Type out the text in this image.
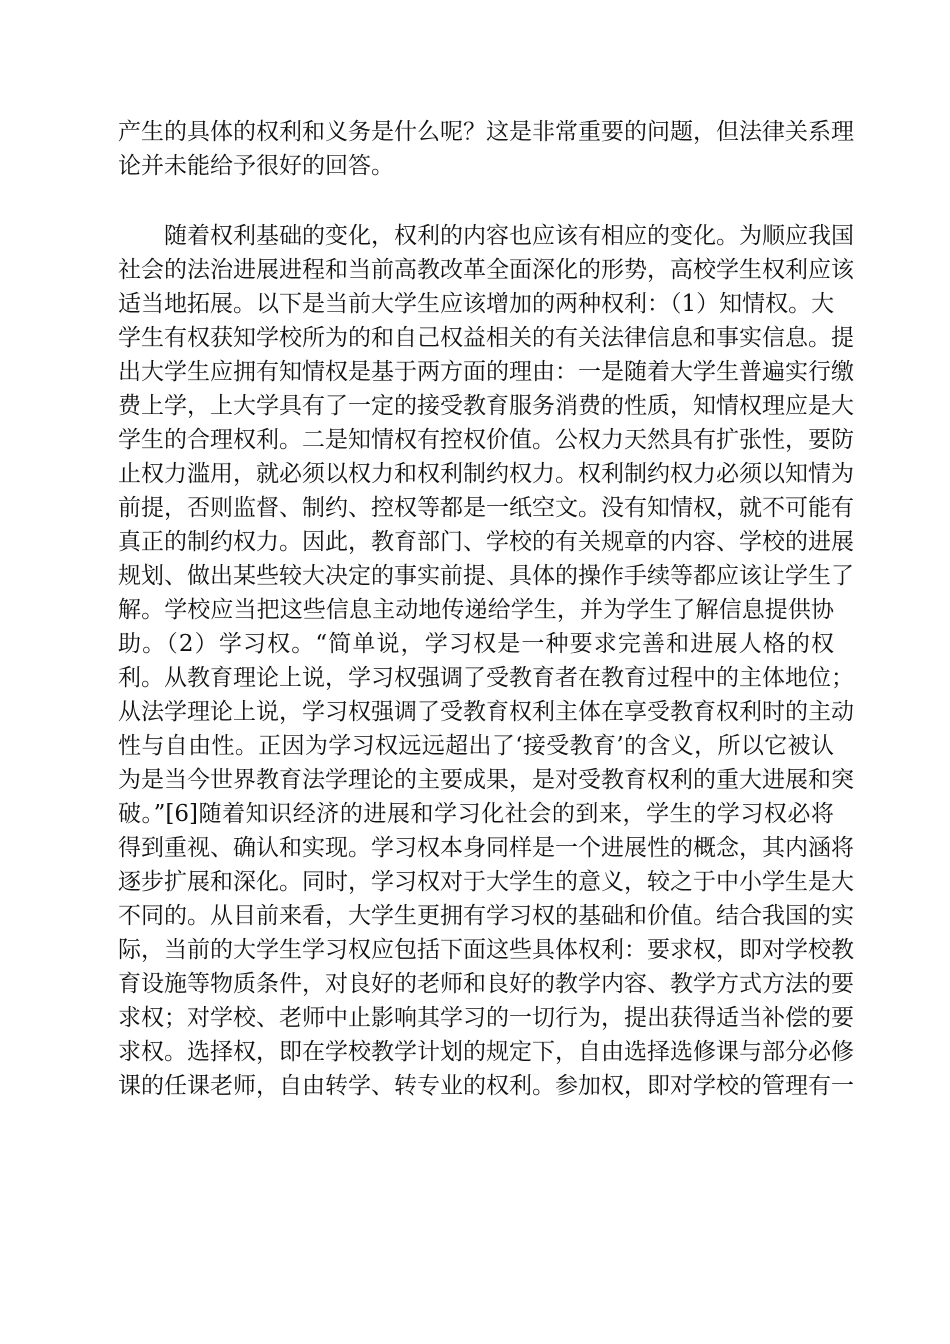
产生的具体的权利和义务是什么呢？这是非常重要的问题，但法律关系理
论并未能给予很好的回答。
　　随着权利基础的变化，权利的内容也应该有相应的变化。为顺应我国
社会的法治进展进程和当前高教改革全面深化的形势，高校学生权利应该
适当地拓展。以下是当前大学生应该增加的两种权利：（1）知情权。大
学生有权获知学校所为的和自己权益相关的有关法律信息和事实信息。提
出大学生应拥有知情权是基于两方面的理由：一是随着大学生普遍实行缴
费上学，上大学具有了一定的接受教育服务消费的性质，知情权理应是大
学生的合理权利。二是知情权有控权价值。公权力天然具有扩张性，要防
止权力滥用，就必须以权力和权利制约权力。权利制约权力必须以知情为
前提，否则监督、制约、控权等都是一纸空文。没有知情权，就不可能有
真正的制约权力。因此，教育部门、学校的有关规章的内容、学校的进展
规划、做出某些较大决定的事实前提、具体的操作手续等都应该让学生了
解。学校应当把这些信息主动地传递给学生，并为学生了解信息提供协
助。（2）学习权。“简单说，学习权是一种要求完善和进展人格的权
利。从教育理论上说，学习权强调了受教育者在教育过程中的主体地位；
从法学理论上说，学习权强调了受教育权利主体在享受教育权利时的主动
性与自由性。正因为学习权远远超出了‘接受教育’的含义，所以它被认
为是当今世界教育法学理论的主要成果，是对受教育权利的重大进展和突
破。”[6]随着知识经济的进展和学习化社会的到来，学生的学习权必将
得到重视、确认和实现。学习权本身同样是一个进展性的概念，其内涵将
逐步扩展和深化。同时，学习权对于大学生的意义，较之于中小学生是大
不同的。从目前来看，大学生更拥有学习权的基础和价值。结合我国的实
际，当前的大学生学习权应包括下面这些具体权利：要求权，即对学校教
育设施等物质条件，对良好的老师和良好的教学内容、教学方式方法的要
求权；对学校、老师中止影响其学习的一切行为，提出获得适当补偿的要
求权。选择权，即在学校教学计划的规定下，自由选择选修课与部分必修
课的任课老师，自由转学、转专业的权利。参加权，即对学校的管理有一
